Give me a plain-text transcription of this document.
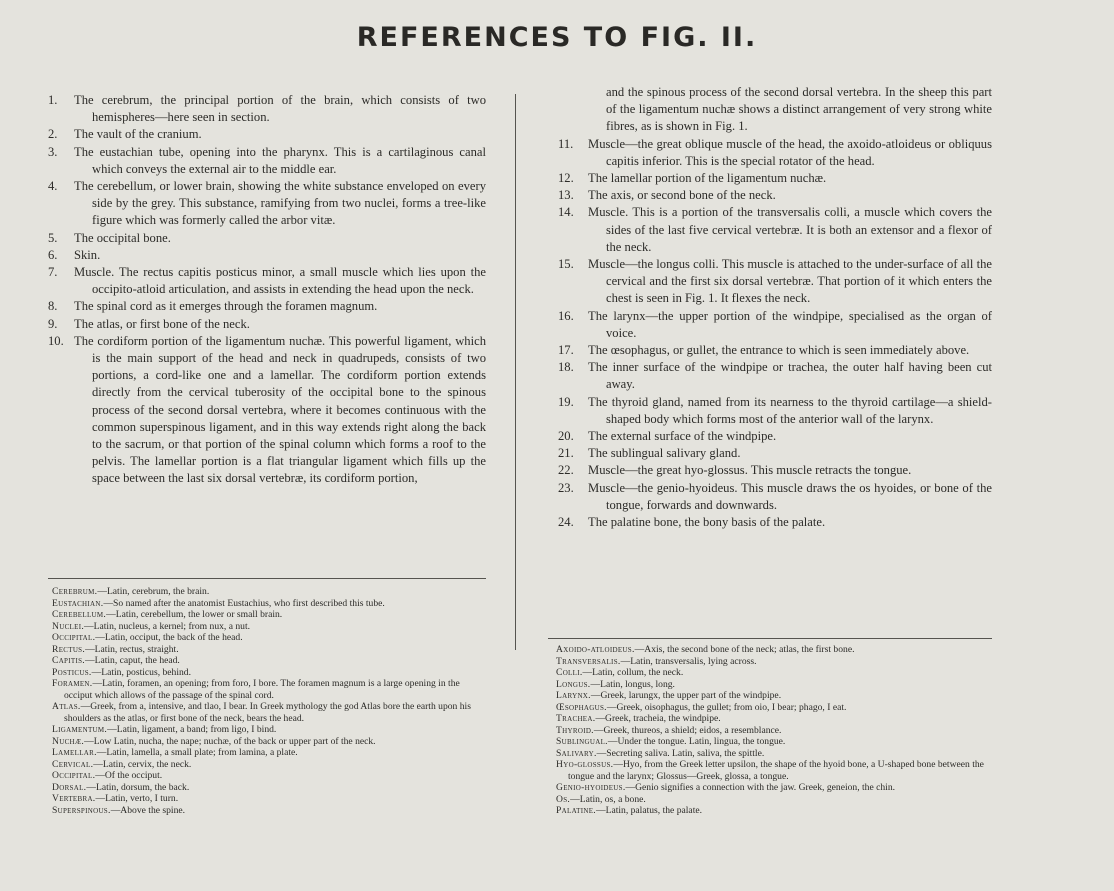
REFERENCES TO FIG. II.
1. The cerebrum, the principal portion of the brain, which consists of two hemispheres—here seen in section.
2. The vault of the cranium.
3. The eustachian tube, opening into the pharynx. This is a cartilaginous canal which conveys the external air to the middle ear.
4. The cerebellum, or lower brain, showing the white substance enveloped on every side by the grey. This substance, ramifying from two nuclei, forms a tree-like figure which was formerly called the arbor vitæ.
5. The occipital bone.
6. Skin.
7. Muscle. The rectus capitis posticus minor, a small muscle which lies upon the occipito-atloid articulation, and assists in extending the head upon the neck.
8. The spinal cord as it emerges through the foramen magnum.
9. The atlas, or first bone of the neck.
10. The cordiform portion of the ligamentum nuchæ. This powerful ligament, which is the main support of the head and neck in quadrupeds, consists of two portions, a cord-like one and a lamellar. The cordiform portion extends directly from the cervical tuberosity of the occipital bone to the spinous process of the second dorsal vertebra, where it becomes continuous with the common superspinous ligament, and in this way extends right along the back to the sacrum, or that portion of the spinal column which forms a roof to the pelvis. The lamellar portion is a flat triangular ligament which fills up the space between the last six dorsal vertebræ, its cordiform portion,
and the spinous process of the second dorsal vertebra. In the sheep this part of the ligamentum nuchæ shows a distinct arrangement of very strong white fibres, as is shown in Fig. 1.
11. Muscle—the great oblique muscle of the head, the axoido-atloideus or obliquus capitis inferior. This is the special rotator of the head.
12. The lamellar portion of the ligamentum nuchæ.
13. The axis, or second bone of the neck.
14. Muscle. This is a portion of the transversalis colli, a muscle which covers the sides of the last five cervical vertebræ. It is both an extensor and a flexor of the neck.
15. Muscle—the longus colli. This muscle is attached to the under-surface of all the cervical and the first six dorsal vertebræ. That portion of it which enters the chest is seen in Fig. 1. It flexes the neck.
16. The larynx—the upper portion of the windpipe, specialised as the organ of voice.
17. The œsophagus, or gullet, the entrance to which is seen immediately above.
18. The inner surface of the windpipe or trachea, the outer half having been cut away.
19. The thyroid gland, named from its nearness to the thyroid cartilage—a shield-shaped body which forms most of the anterior wall of the larynx.
20. The external surface of the windpipe.
21. The sublingual salivary gland.
22. Muscle—the great hyo-glossus. This muscle retracts the tongue.
23. Muscle—the genio-hyoideus. This muscle draws the os hyoides, or bone of the tongue, forwards and downwards.
24. The palatine bone, the bony basis of the palate.
Cerebrum.—Latin, cerebrum, the brain.
Eustachian.—So named after the anatomist Eustachius, who first described this tube.
Cerebellum.—Latin, cerebellum, the lower or small brain.
Nuclei.—Latin, nucleus, a kernel; from nux, a nut.
Occipital.—Latin, occiput, the back of the head.
Rectus.—Latin, rectus, straight.
Capitis.—Latin, caput, the head.
Posticus.—Latin, posticus, behind.
Foramen.—Latin, foramen, an opening; from foro, I bore. The foramen magnum is a large opening in the occiput which allows of the passage of the spinal cord.
Atlas.—Greek, from a, intensive, and tlao, I bear. In Greek mythology the god Atlas bore the earth upon his shoulders as the atlas, or first bone of the neck, bears the head.
Ligamentum.—Latin, ligament, a band; from ligo, I bind.
Nuchæ.—Low Latin, nucha, the nape; nuchæ, of the back or upper part of the neck.
Lamellar.—Latin, lamella, a small plate; from lamina, a plate.
Cervical.—Latin, cervix, the neck.
Occipital.—Of the occiput.
Dorsal.—Latin, dorsum, the back.
Vertebra.—Latin, verto, I turn.
Superspinous.—Above the spine.
Axoido-atloideus.—Axis, the second bone of the neck; atlas, the first bone.
Transversalis.—Latin, transversalis, lying across.
Colli.—Latin, collum, the neck.
Longus.—Latin, longus, long.
Larynx.—Greek, larungx, the upper part of the windpipe.
Œsophagus.—Greek, oisophagus, the gullet; from oio, I bear; phago, I eat.
Trachea.—Greek, tracheia, the windpipe.
Thyroid.—Greek, thureos, a shield; eidos, a resemblance.
Sublingual.—Under the tongue. Latin, lingua, the tongue.
Salivary.—Secreting saliva. Latin, saliva, the spittle.
Hyo-glossus.—Hyo, from the Greek letter upsilon, the shape of the hyoid bone, a U-shaped bone between the tongue and the larynx; Glossus—Greek, glossa, a tongue.
Genio-hyoideus.—Genio signifies a connection with the jaw. Greek, geneion, the chin.
Os.—Latin, os, a bone.
Palatine.—Latin, palatus, the palate.
